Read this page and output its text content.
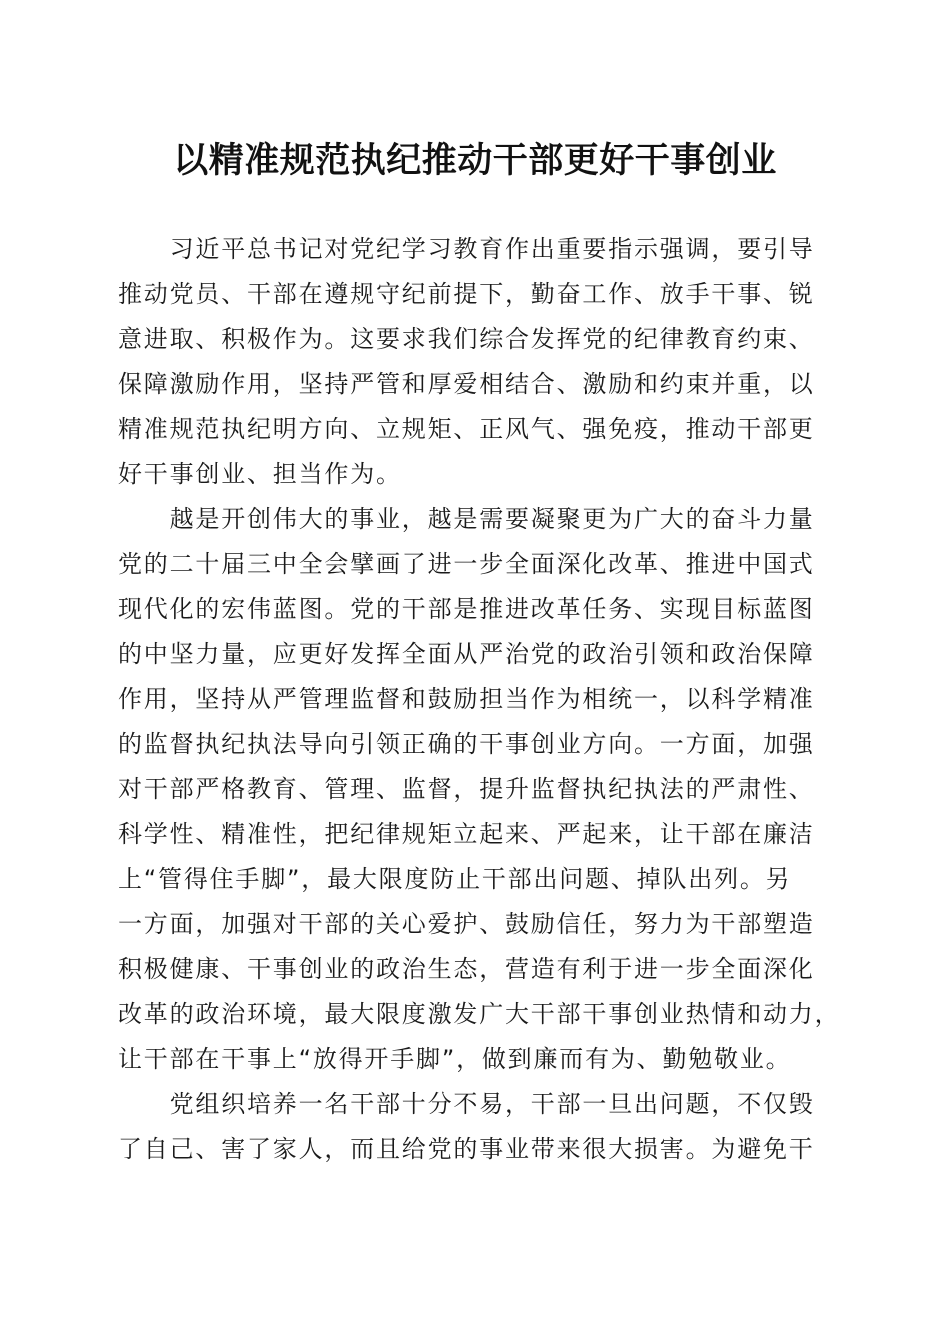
以精准规范执纪推动干部更好干事创业
　　习近平总书记对党纪学习教育作出重要指示强调，要引导
推动党员、干部在遵规守纪前提下，勤奋工作、放手干事、锐
意进取、积极作为。这要求我们综合发挥党的纪律教育约束、
保障激励作用，坚持严管和厚爱相结合、激励和约束并重，以
精准规范执纪明方向、立规矩、正风气、强免疫，推动干部更
好干事创业、担当作为。
　　越是开创伟大的事业，越是需要凝聚更为广大的奋斗力量
党的二十届三中全会擘画了进一步全面深化改革、推进中国式
现代化的宏伟蓝图。党的干部是推进改革任务、实现目标蓝图
的中坚力量，应更好发挥全面从严治党的政治引领和政治保障
作用，坚持从严管理监督和鼓励担当作为相统一，以科学精准
的监督执纪执法导向引领正确的干事创业方向。一方面，加强
对干部严格教育、管理、监督，提升监督执纪执法的严肃性、
科学性、精准性，把纪律规矩立起来、严起来，让干部在廉洁
上“管得住手脚”，最大限度防止干部出问题、掉队出列。另
一方面，加强对干部的关心爱护、鼓励信任，努力为干部塑造
积极健康、干事创业的政治生态，营造有利于进一步全面深化
改革的政治环境，最大限度激发广大干部干事创业热情和动力，
让干部在干事上“放得开手脚”，做到廉而有为、勤勉敬业。
　　党组织培养一名干部十分不易，干部一旦出问题，不仅毁
了自己、害了家人，而且给党的事业带来很大损害。为避免干
